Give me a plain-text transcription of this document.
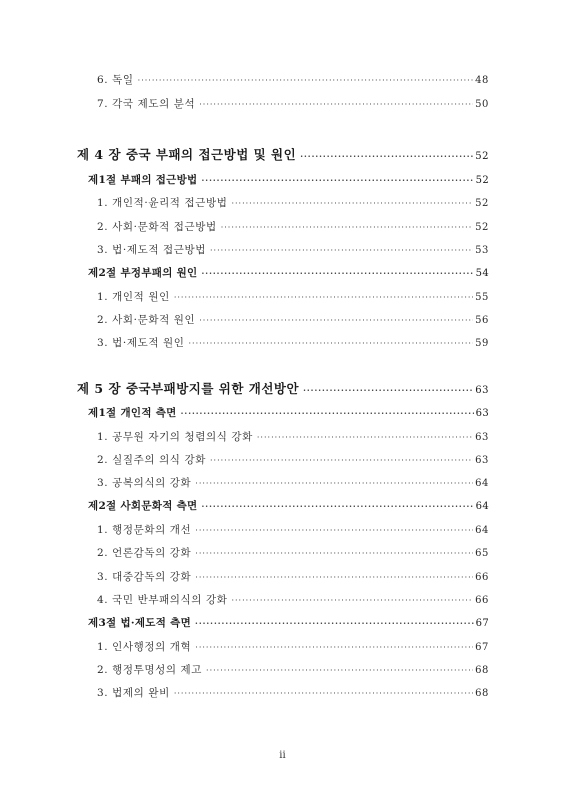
6. 독일 ·····	48
7. 각국 제도의 분석 ·····	50
제 4 장 중국 부패의 접근방법 및 원인 ·····	52
제1절 부패의 접근방법 ·····	52
1. 개인적·윤리적 접근방법 ·····	52
2. 사회·문화적 접근방법 ·····	52
3. 법·제도적 접근방법 ·····	53
제2절 부정부패의 원인 ·····	54
1. 개인적 원인 ·····	55
2. 사회·문화적 원인 ·····	56
3. 법·제도적 원인 ·····	59
제 5 장 중국부패방지를 위한 개선방안 ·····	63
제1절 개인적 측면 ·····	63
1. 공무원 자기의 청렴의식 강화 ·····	63
2. 실질주의 의식 강화 ·····	63
3. 공복의식의 강화 ·····	64
제2절 사회문화적 측면 ·····	64
1. 행정문화의 개선 ·····	64
2. 언론감독의 강화 ·····	65
3. 대중감독의 강화 ·····	66
4. 국민 반부패의식의 강화 ·····	66
제3절 법·제도적 측면 ·····	67
1. 인사행정의 개혁 ·····	67
2. 행정투명성의 제고 ·····	68
3. 법제의 완비 ·····	68
ii
